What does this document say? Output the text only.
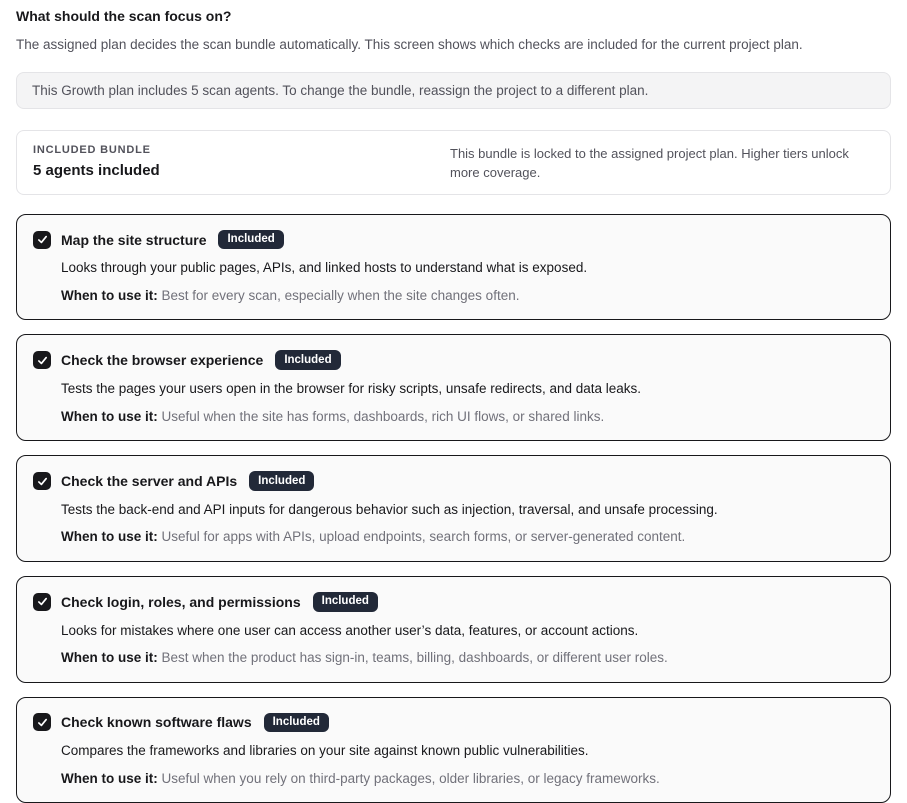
What should the scan focus on?
The assigned plan decides the scan bundle automatically. This screen shows which checks are included for the current project plan.
This Growth plan includes 5 scan agents. To change the bundle, reassign the project to a different plan.
INCLUDED BUNDLE
5 agents included
This bundle is locked to the assigned project plan. Higher tiers unlock more coverage.
Map the site structure	Included
Looks through your public pages, APIs, and linked hosts to understand what is exposed.
When to use it: Best for every scan, especially when the site changes often.
Check the browser experience	Included
Tests the pages your users open in the browser for risky scripts, unsafe redirects, and data leaks.
When to use it: Useful when the site has forms, dashboards, rich UI flows, or shared links.
Check the server and APIs	Included
Tests the back-end and API inputs for dangerous behavior such as injection, traversal, and unsafe processing.
When to use it: Useful for apps with APIs, upload endpoints, search forms, or server-generated content.
Check login, roles, and permissions	Included
Looks for mistakes where one user can access another user’s data, features, or account actions.
When to use it: Best when the product has sign-in, teams, billing, dashboards, or different user roles.
Check known software flaws	Included
Compares the frameworks and libraries on your site against known public vulnerabilities.
When to use it: Useful when you rely on third-party packages, older libraries, or legacy frameworks.
